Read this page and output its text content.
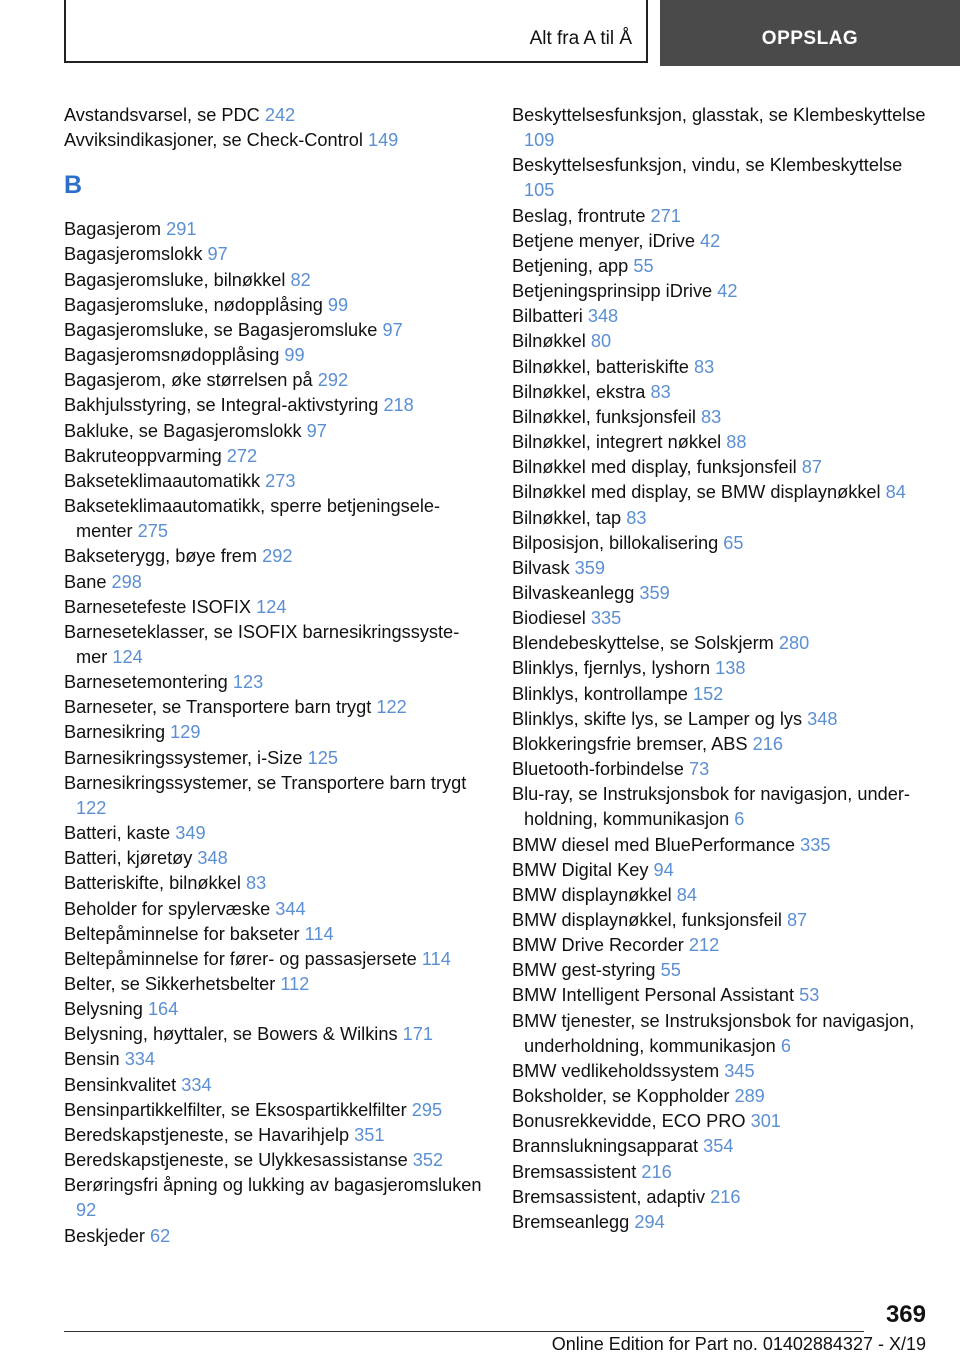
Alt fra A til Å	OPPSLAG
Avstandsvarsel, se PDC 242
Avviksindikasjoner, se Check-Control 149
B
Bagasjerom 291
Bagasjeromslokk 97
Bagasjeromsluke, bilnøkkel 82
Bagasjeromsluke, nødopplåsing 99
Bagasjeromsluke, se Bagasjeromsluke 97
Bagasjeromsnødopplåsing 99
Bagasjerom, øke størrelsen på 292
Bakhjulsstyring, se Integral-aktivstyring 218
Bakluke, se Bagasjeromslokk 97
Bakruteoppvarming 272
Bakseteklimaautomatikk 273
Bakseteklimaautomatikk, sperre betjeningselementer 275
Bakseterygg, bøye frem 292
Bane 298
Barnesetefeste ISOFIX 124
Barneseteklasser, se ISOFIX barnesikringssystemer 124
Barnesetemontering 123
Barneseter, se Transportere barn trygt 122
Barnesikring 129
Barnesikringssystemer, i-Size 125
Barnesikringssystemer, se Transportere barn trygt 122
Batteri, kaste 349
Batteri, kjøretøy 348
Batteriskifte, bilnøkkel 83
Beholder for spylervæske 344
Beltepåminnelse for bakseter 114
Beltepåminnelse for fører- og passasjersete 114
Belter, se Sikkerhetsbelter 112
Belysning 164
Belysning, høyttaler, se Bowers & Wilkins 171
Bensin 334
Bensinkvalitet 334
Bensinpartikkelfilter, se Eksospartikkelfilter 295
Beredskapstjeneste, se Havarihjelp 351
Beredskapstjeneste, se Ulykkesassistanse 352
Berøringsfri åpning og lukking av bagasjeromsluken 92
Beskjeder 62
Beskyttelsesfunksjon, glasstak, se Klembeskyttelse 109
Beskyttelsesfunksjon, vindu, se Klembeskyttelse 105
Beslag, frontrute 271
Betjene menyer, iDrive 42
Betjening, app 55
Betjeningsprinsipp iDrive 42
Bilbatteri 348
Bilnøkkel 80
Bilnøkkel, batteriskifte 83
Bilnøkkel, ekstra 83
Bilnøkkel, funksjonsfeil 83
Bilnøkkel, integrert nøkkel 88
Bilnøkkel med display, funksjonsfeil 87
Bilnøkkel med display, se BMW displaynøkkel 84
Bilnøkkel, tap 83
Bilposisjon, billokalisering 65
Bilvask 359
Bilvaskeanlegg 359
Biodiesel 335
Blendebeskyttelse, se Solskjerm 280
Blinklys, fjernlys, lyshorn 138
Blinklys, kontrollampe 152
Blinklys, skifte lys, se Lamper og lys 348
Blokkeringsfrie bremser, ABS 216
Bluetooth-forbindelse 73
Blu-ray, se Instruksjonsbok for navigasjon, underholdning, kommunikasjon 6
BMW diesel med BluePerformance 335
BMW Digital Key 94
BMW displaynøkkel 84
BMW displaynøkkel, funksjonsfeil 87
BMW Drive Recorder 212
BMW gest-styring 55
BMW Intelligent Personal Assistant 53
BMW tjenester, se Instruksjonsbok for navigasjon, underholdning, kommunikasjon 6
BMW vedlikeholdssystem 345
Boksholder, se Koppholder 289
Bonusrekkevidde, ECO PRO 301
Brannslukningsapparat 354
Bremsassistent 216
Bremsassistent, adaptiv 216
Bremseanlegg 294
369
Online Edition for Part no. 01402884327 - X/19
